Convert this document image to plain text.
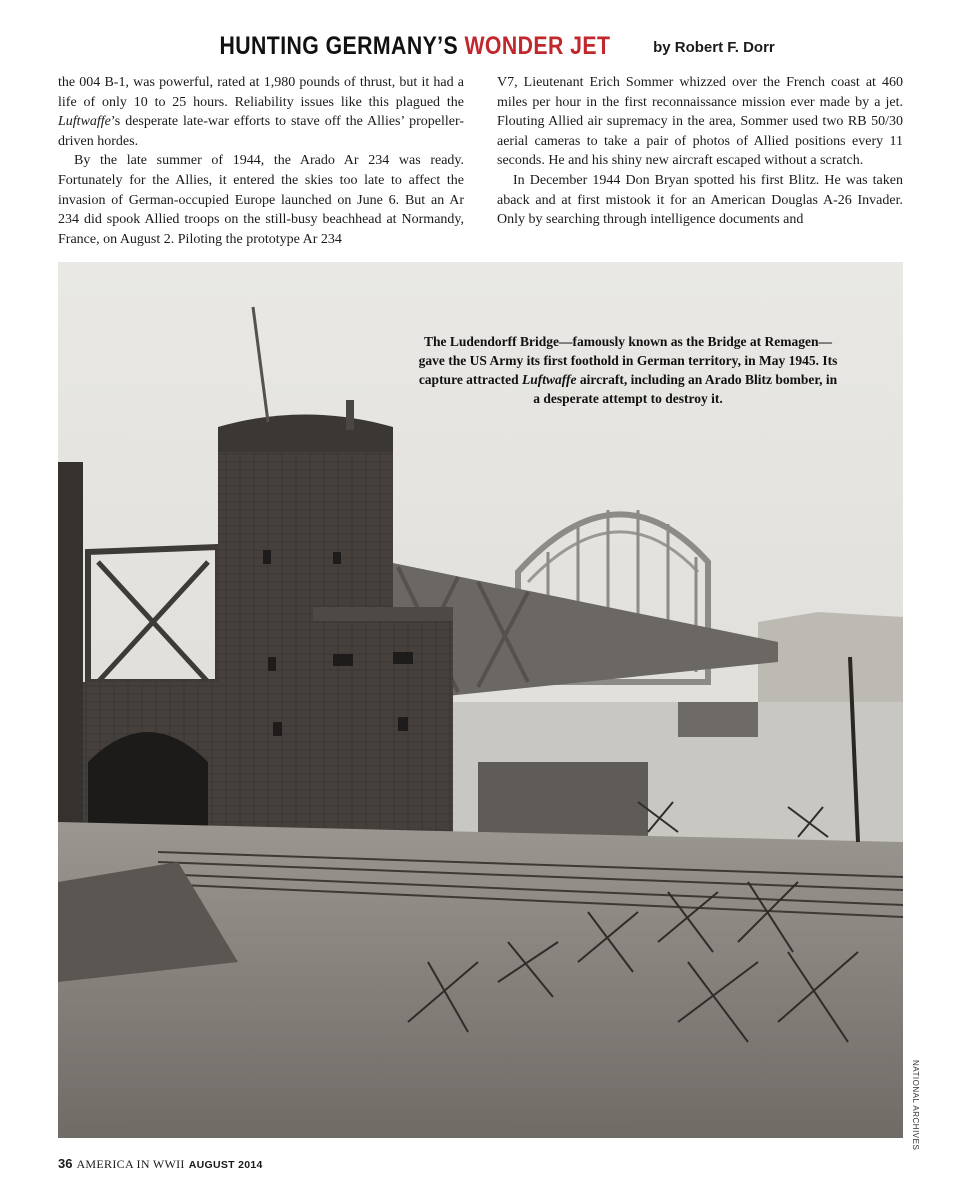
HUNTING GERMANY’S WONDER JET	by Robert F. Dorr

the 004 B-1, was powerful, rated at 1,980 pounds of thrust, but it had a life of only 10 to 25 hours. Reliability issues like this plagued the Luftwaffe’s desperate late-war efforts to stave off the Allies’ propeller-driven hordes.

By the late summer of 1944, the Arado Ar 234 was ready. Fortunately for the Allies, it entered the skies too late to affect the invasion of German-occupied Europe launched on June 6. But an Ar 234 did spook Allied troops on the still-busy beachhead at Normandy, France, on August 2. Piloting the prototype Ar 234

V7, Lieutenant Erich Sommer whizzed over the French coast at 460 miles per hour in the first reconnaissance mission ever made by a jet. Flouting Allied air supremacy in the area, Sommer used two RB 50/30 aerial cameras to take a pair of photos of Allied positions every 11 seconds. He and his shiny new aircraft escaped without a scratch.

In December 1944 Don Bryan spotted his first Blitz. He was taken aback and at first mistook it for an American Douglas A-26 Invader. Only by searching through intelligence documents and

The Ludendorff Bridge—famously known as the Bridge at Remagen—gave the US Army its first foothold in German territory, in May 1945. Its capture attracted Luftwaffe aircraft, including an Arado Blitz bomber, in a desperate attempt to destroy it.
NATIONAL ARCHIVES
36 AMERICA IN WWII AUGUST 2014
